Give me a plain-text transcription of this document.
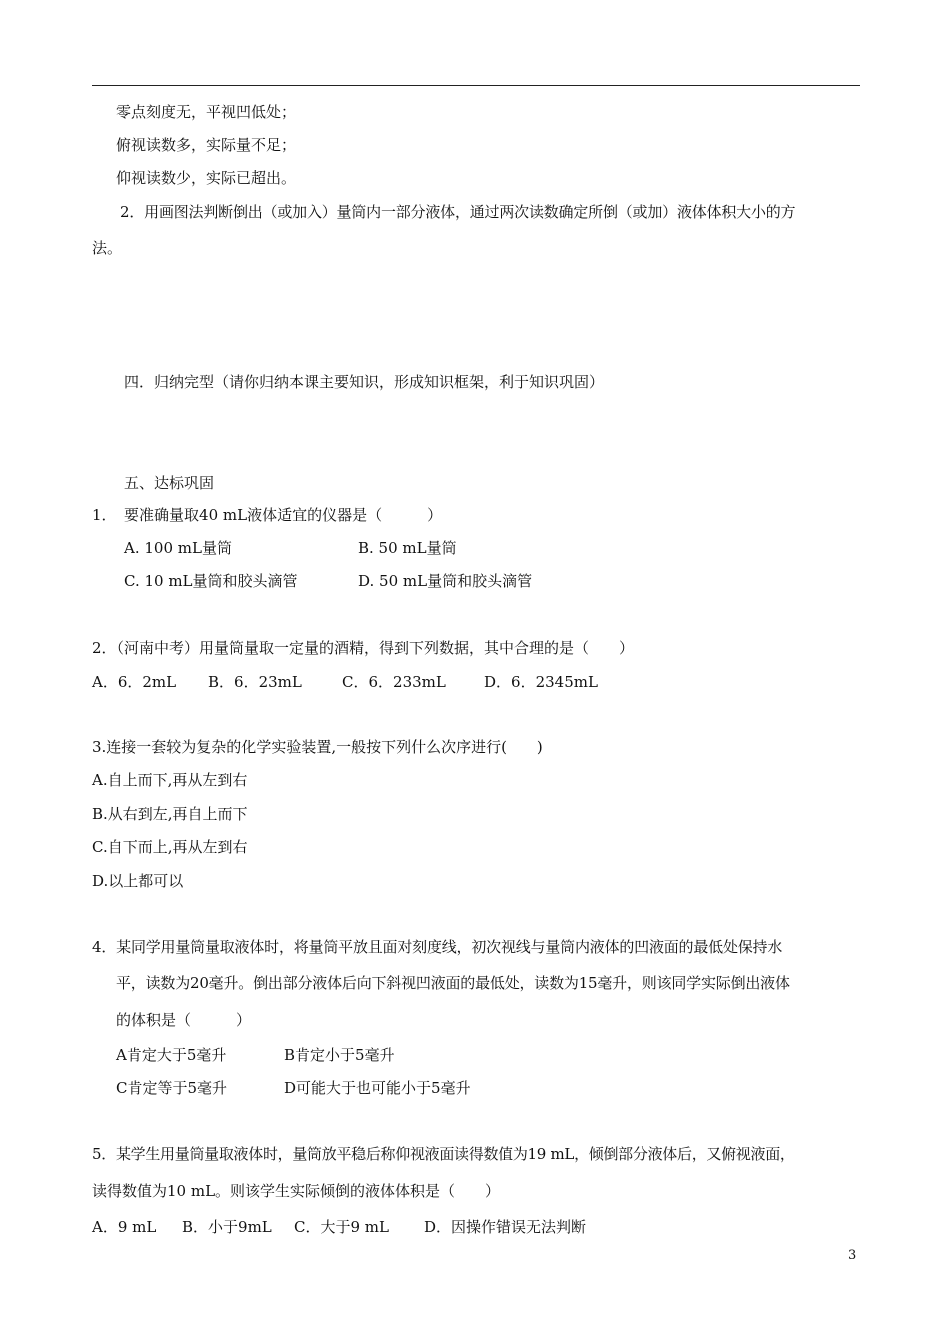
零点刻度无，平视凹低处；
俯视读数多，实际量不足；
仰视读数少，实际已超出。
2．用画图法判断倒出（或加入）量筒内一部分液体，通过两次读数确定所倒（或加）液体体积大小的方
法。
四．归纳完型（请你归纳本课主要知识，形成知识框架，利于知识巩固）
五、达标巩固
1．　要准确量取40 mL液体适宜的仪器是（　　　）
A. 100 mL量筒	B. 50 mL量筒
C. 10 mL量筒和胶头滴管	D. 50 mL量筒和胶头滴管
2．（河南中考）用量筒量取一定量的酒精，得到下列数据，其中合理的是（　　）
A．6．2mL B．6．23mL	C．6．233mL	D．6．2345mL
3.连接一套较为复杂的化学实验装置,一般按下列什么次序进行(　　)
A.自上而下,再从左到右
B.从右到左,再自上而下
C.自下而上,再从左到右
D.以上都可以
4．某同学用量筒量取液体时，将量筒平放且面对刻度线，初次视线与量筒内液体的凹液面的最低处保持水
平，读数为20毫升。倒出部分液体后向下斜视凹液面的最低处，读数为15毫升，则该同学实际倒出液体
的体积是（　　　）
A肯定大于5毫升	B肯定小于5毫升
C肯定等于5毫升	D可能大于也可能小于5毫升
5．某学生用量筒量取液体时，量筒放平稳后称仰视液面读得数值为19 mL，倾倒部分液体后，又俯视液面，
读得数值为10 mL。则该学生实际倾倒的液体体积是（　　）
A．9 mL B．小于9mL C．大于9 mL D．因操作错误无法判断
3
